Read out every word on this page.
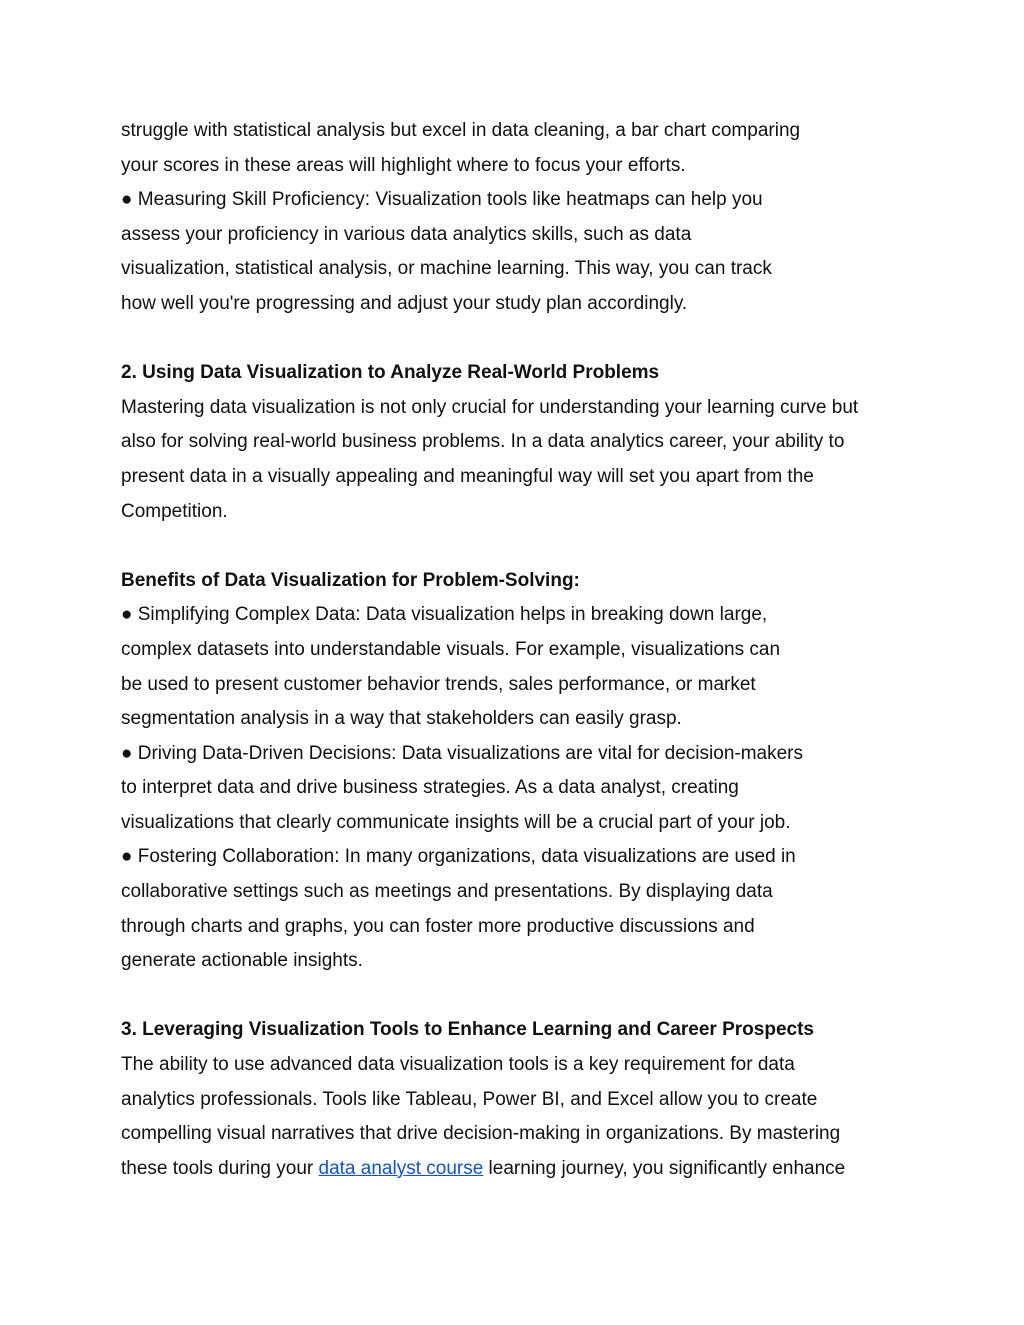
struggle with statistical analysis but excel in data cleaning, a bar chart comparing
your scores in these areas will highlight where to focus your efforts.
● Measuring Skill Proficiency: Visualization tools like heatmaps can help you
assess your proficiency in various data analytics skills, such as data
visualization, statistical analysis, or machine learning. This way, you can track
how well you're progressing and adjust your study plan accordingly.
2. Using Data Visualization to Analyze Real-World Problems
Mastering data visualization is not only crucial for understanding your learning curve but
also for solving real-world business problems. In a data analytics career, your ability to
present data in a visually appealing and meaningful way will set you apart from the
Competition.
Benefits of Data Visualization for Problem-Solving:
● Simplifying Complex Data: Data visualization helps in breaking down large,
complex datasets into understandable visuals. For example, visualizations can
be used to present customer behavior trends, sales performance, or market
segmentation analysis in a way that stakeholders can easily grasp.
● Driving Data-Driven Decisions: Data visualizations are vital for decision-makers
to interpret data and drive business strategies. As a data analyst, creating
visualizations that clearly communicate insights will be a crucial part of your job.
● Fostering Collaboration: In many organizations, data visualizations are used in
collaborative settings such as meetings and presentations. By displaying data
through charts and graphs, you can foster more productive discussions and
generate actionable insights.
3. Leveraging Visualization Tools to Enhance Learning and Career Prospects
The ability to use advanced data visualization tools is a key requirement for data
analytics professionals. Tools like Tableau, Power BI, and Excel allow you to create
compelling visual narratives that drive decision-making in organizations. By mastering
these tools during your data analyst course learning journey, you significantly enhance
